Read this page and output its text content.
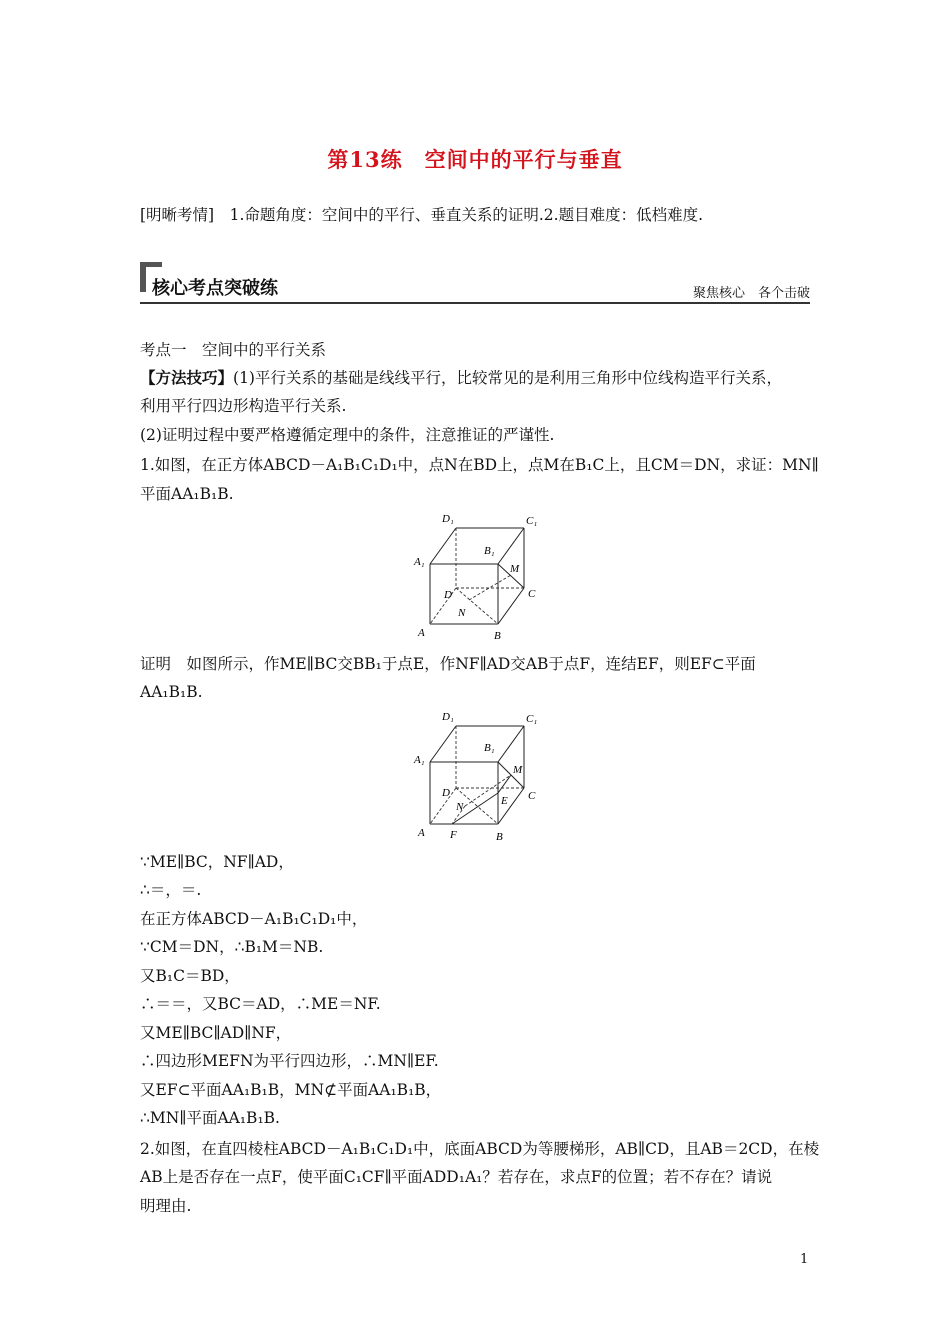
第13练　空间中的平行与垂直
[明晰考情]　1.命题角度：空间中的平行、垂直关系的证明.2.题目难度：低档难度.
核心考点突破练	聚焦核心　各个击破
考点一　空间中的平行关系
【方法技巧】(1)平行关系的基础是线线平行，比较常见的是利用三角形中位线构造平行关系，
利用平行四边形构造平行关系.
(2)证明过程中要严格遵循定理中的条件，注意推证的严谨性.
1.如图，在正方体ABCD－A₁B₁C₁D₁中，点N在BD上，点M在B₁C上，且CM＝DN，求证：MN∥
平面AA₁B₁B.
D₁	C₁
B₁
A₁
M
D	C
N
A	B
证明　如图所示，作ME∥BC交BB₁于点E，作NF∥AD交AB于点F，连结EF，则EF⊂平面
AA₁B₁B.
D₁	C₁
B₁
A₁
M
D	C
N	E
A F	B
∵ME∥BC，NF∥AD，
∴＝，＝.
在正方体ABCD－A₁B₁C₁D₁中，
∵CM＝DN，∴B₁M＝NB.
又B₁C＝BD，
∴＝＝，又BC＝AD，∴ME＝NF.
又ME∥BC∥AD∥NF，
∴四边形MEFN为平行四边形，∴MN∥EF.
又EF⊂平面AA₁B₁B，MN⊄平面AA₁B₁B，
∴MN∥平面AA₁B₁B.
2.如图，在直四棱柱ABCD－A₁B₁C₁D₁中，底面ABCD为等腰梯形，AB∥CD，且AB＝2CD，在棱
AB上是否存在一点F，使平面C₁CF∥平面ADD₁A₁？若存在，求点F的位置；若不存在？请说
明理由.
1
